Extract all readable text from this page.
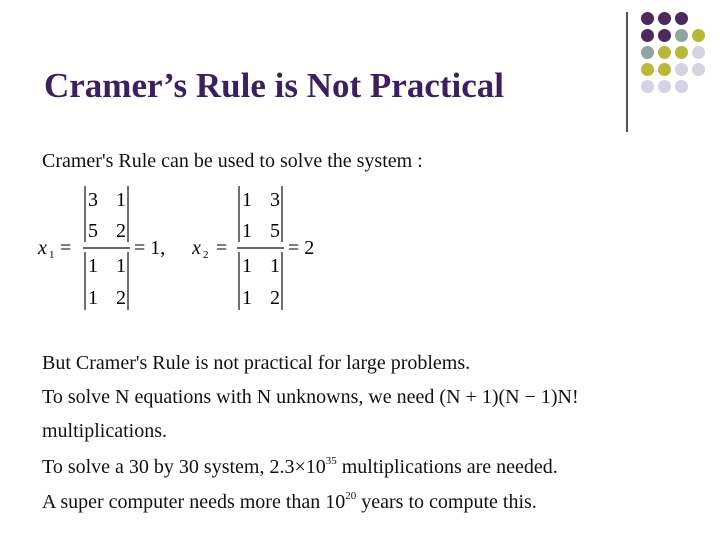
Cramer’s Rule is Not Practical
Cramer's Rule can be used to solve the system :
x 1 =
3 1
5 2
1 1
1 2
= 1, x 2 =
1 3
1 5
1 1
1 2
= 2
But Cramer's Rule is not practical for large problems.
To solve N equations with N unknowns, we need (N + 1)(N − 1)N!
multiplications.
To solve a 30 by 30 system, $2.3\times 10^{35}$ multiplications are needed.
A super computer needs more than $10^{20}$ years to compute this.
